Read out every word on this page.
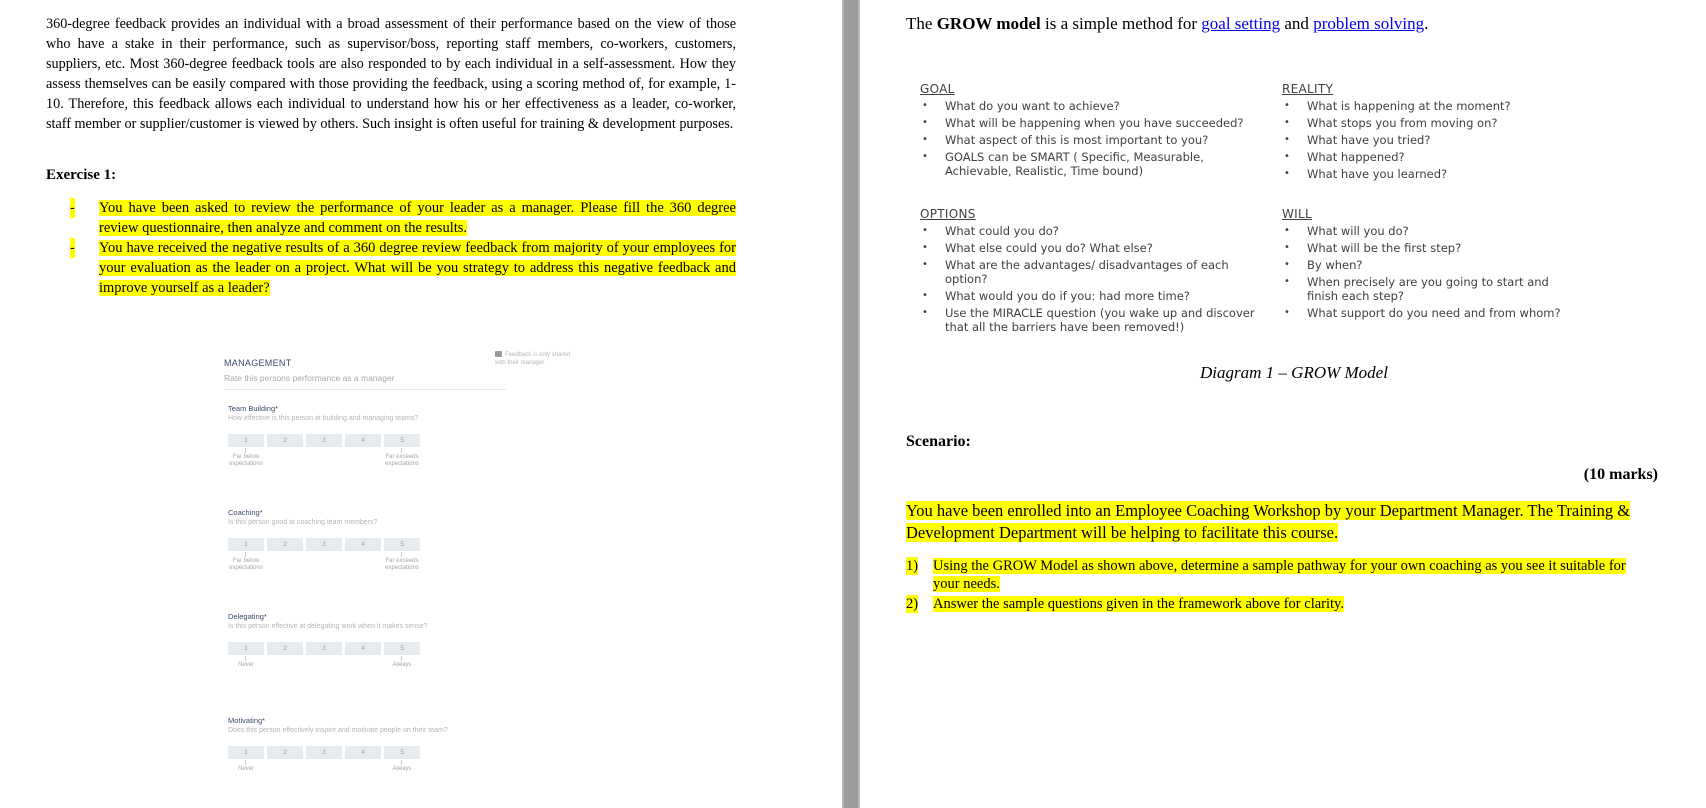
360-degree feedback provides an individual with a broad assessment of their performance based on the view of those who have a stake in their performance, such as supervisor/boss, reporting staff members, co-workers, customers, suppliers, etc. Most 360-degree feedback tools are also responded to by each individual in a self-assessment. How they assess themselves can be easily compared with those providing the feedback, using a scoring method of, for example, 1-10. Therefore, this feedback allows each individual to understand how his or her effectiveness as a leader, co-worker, staff member or supplier/customer is viewed by others. Such insight is often useful for training & development purposes.

Exercise 1:
- You have been asked to review the performance of your leader as a manager. Please fill the 360 degree review questionnaire, then analyze and comment on the results.
- You have received the negative results of a 360 degree review feedback from majority of your employees for your evaluation as the leader on a project. What will be you strategy to address this negative feedback and improve yourself as a leader?
Feedback is only shared with their manager
MANAGEMENT
Rate this persons performance as a manager
Team Building*
How effective is this person at building and managing teams?
1	2	3	4	5
Far below expectations
Far exceeds expectations
Coaching*
Is this person good at coaching team members?
1	2	3	4	5
Far below expectations
Far exceeds expectations
Delegating*
Is this person effective at delegating work when it makes sense?
1	2	3	4	5
Never	Always
Motivating*
Does this person effectively inspire and motivate people on their team?
1	2	3	4	5
Never	Always
The GROW model is a simple method for goal setting and problem solving.
GOAL
• What do you want to achieve?
• What will be happening when you have succeeded?
• What aspect of this is most important to you?
• GOALS can be SMART ( Specific, Measurable, Achievable, Realistic, Time bound)
REALITY
• What is happening at the moment?
• What stops you from moving on?
• What have you tried?
• What happened?
• What have you learned?
OPTIONS
• What could you do?
• What else could you do? What else?
• What are the advantages/ disadvantages of each option?
• What would you do if you: had more time?
• Use the MIRACLE question (you wake up and discover that all the barriers have been removed!)
WILL
• What will you do?
• What will be the first step?
• By when?
• When precisely are you going to start and finish each step?
• What support do you need and from whom?
Diagram 1 – GROW Model
Scenario:
(10 marks)

You have been enrolled into an Employee Coaching Workshop by your Department Manager. The Training & Development Department will be helping to facilitate this course.

1) Using the GROW Model as shown above, determine a sample pathway for your own coaching as you see it suitable for your needs.
2) Answer the sample questions given in the framework above for clarity.
